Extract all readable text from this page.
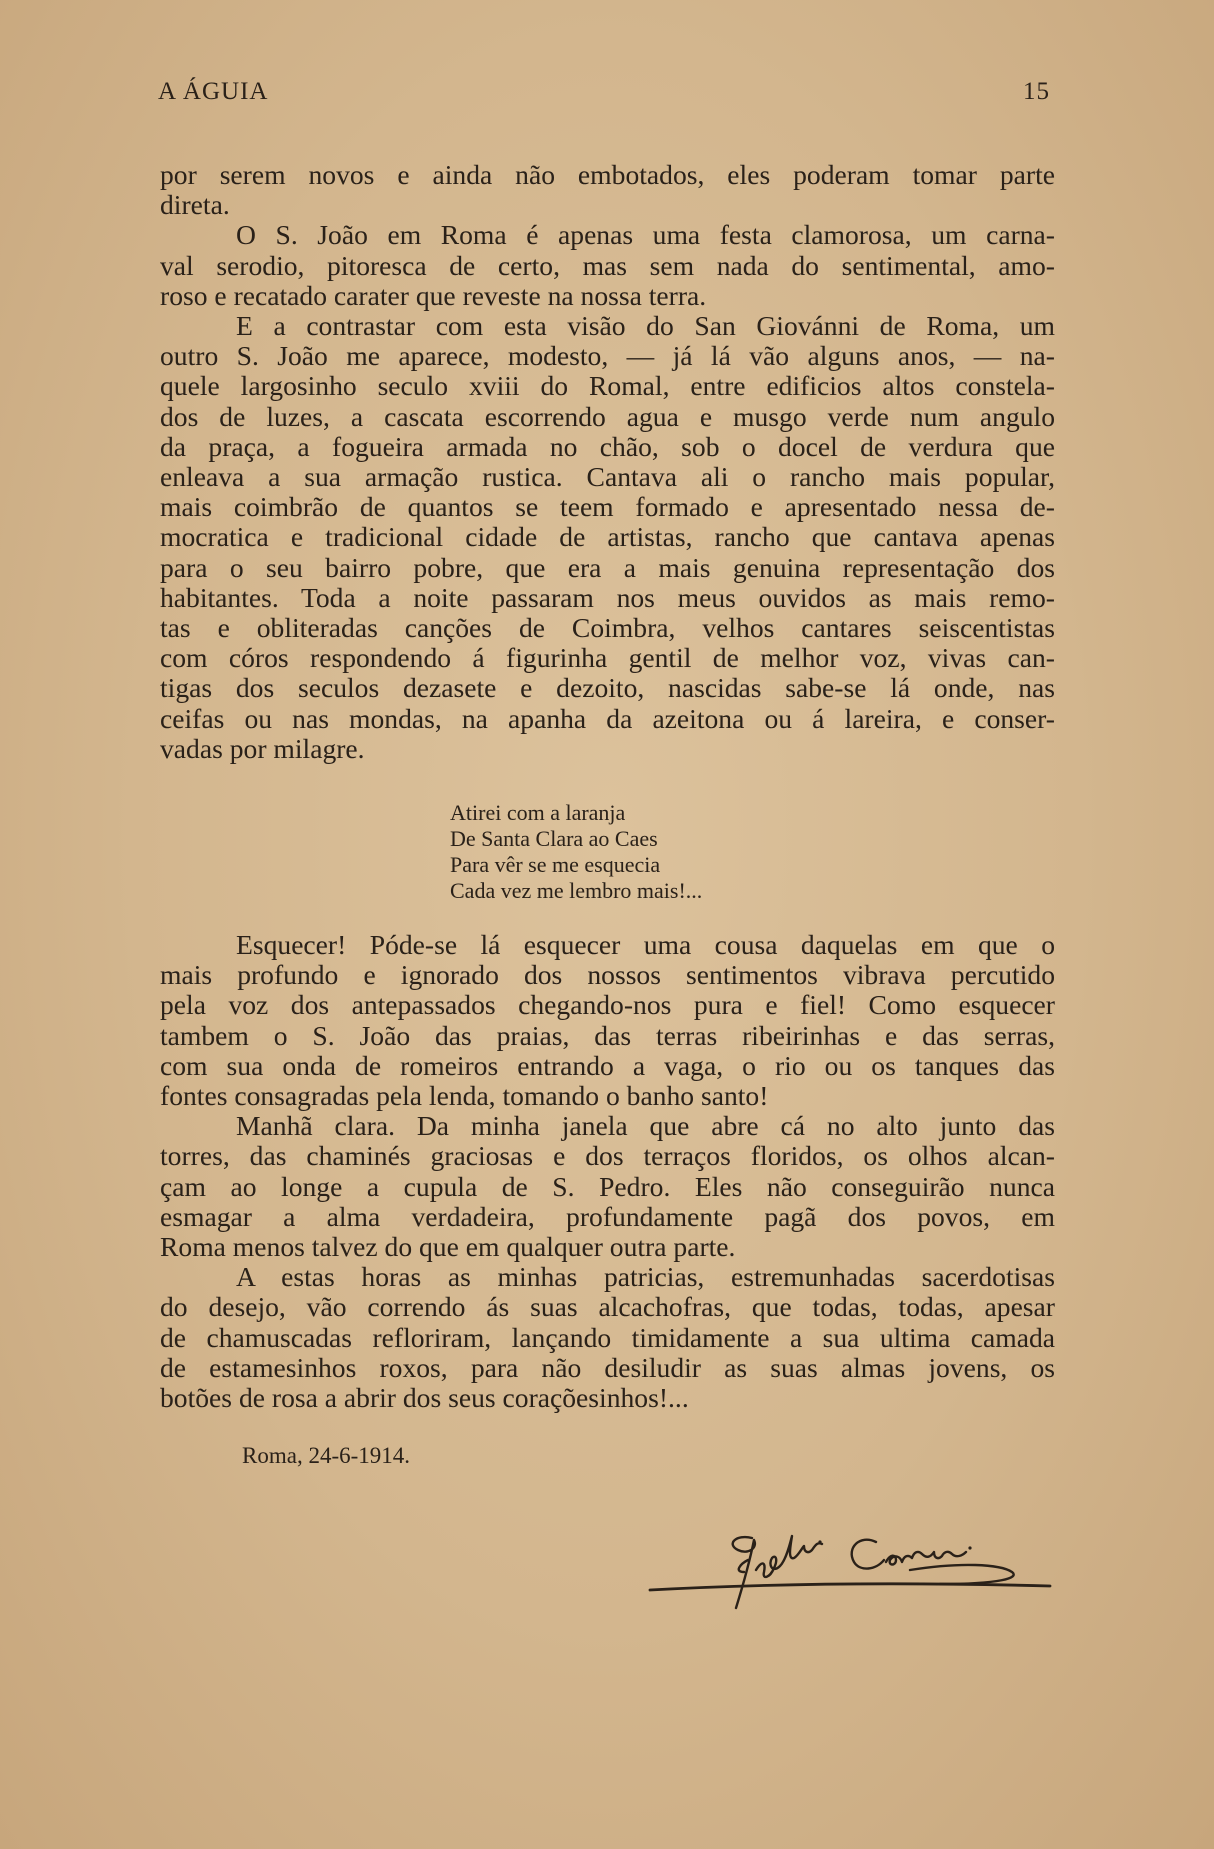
A ÁGUIA	15
por serem novos e ainda não embotados, eles poderam tomar parte
direta.
O S. João em Roma é apenas uma festa clamorosa, um carna-
val serodio, pitoresca de certo, mas sem nada do sentimental, amo-
roso e recatado carater que reveste na nossa terra.
E a contrastar com esta visão do San Giovánni de Roma, um
outro S. João me aparece, modesto, — já lá vão alguns anos, — na-
quele largosinho seculo xviii do Romal, entre edificios altos constela-
dos de luzes, a cascata escorrendo agua e musgo verde num angulo
da praça, a fogueira armada no chão, sob o docel de verdura que
enleava a sua armação rustica. Cantava ali o rancho mais popular,
mais coimbrão de quantos se teem formado e apresentado nessa de-
mocratica e tradicional cidade de artistas, rancho que cantava apenas
para o seu bairro pobre, que era a mais genuina representação dos
habitantes. Toda a noite passaram nos meus ouvidos as mais remo-
tas e obliteradas canções de Coimbra, velhos cantares seiscentistas
com córos respondendo á figurinha gentil de melhor voz, vivas can-
tigas dos seculos dezasete e dezoito, nascidas sabe-se lá onde, nas
ceifas ou nas mondas, na apanha da azeitona ou á lareira, e conser-
vadas por milagre.
Atirei com a laranja
De Santa Clara ao Caes
Para vêr se me esquecia
Cada vez me lembro mais!...
Esquecer! Póde-se lá esquecer uma cousa daquelas em que o
mais profundo e ignorado dos nossos sentimentos vibrava percutido
pela voz dos antepassados chegando-nos pura e fiel! Como esquecer
tambem o S. João das praias, das terras ribeirinhas e das serras,
com sua onda de romeiros entrando a vaga, o rio ou os tanques das
fontes consagradas pela lenda, tomando o banho santo!
Manhã clara. Da minha janela que abre cá no alto junto das
torres, das chaminés graciosas e dos terraços floridos, os olhos alcan-
çam ao longe a cupula de S. Pedro. Eles não conseguirão nunca
esmagar a alma verdadeira, profundamente pagã dos povos, em
Roma menos talvez do que em qualquer outra parte.
A estas horas as minhas patricias, estremunhadas sacerdotisas
do desejo, vão correndo ás suas alcachofras, que todas, todas, apesar
de chamuscadas refloriram, lançando timidamente a sua ultima camada
de estamesinhos roxos, para não desiludir as suas almas jovens, os
botões de rosa a abrir dos seus coraçõesinhos!...
Roma, 24-6-1914.
